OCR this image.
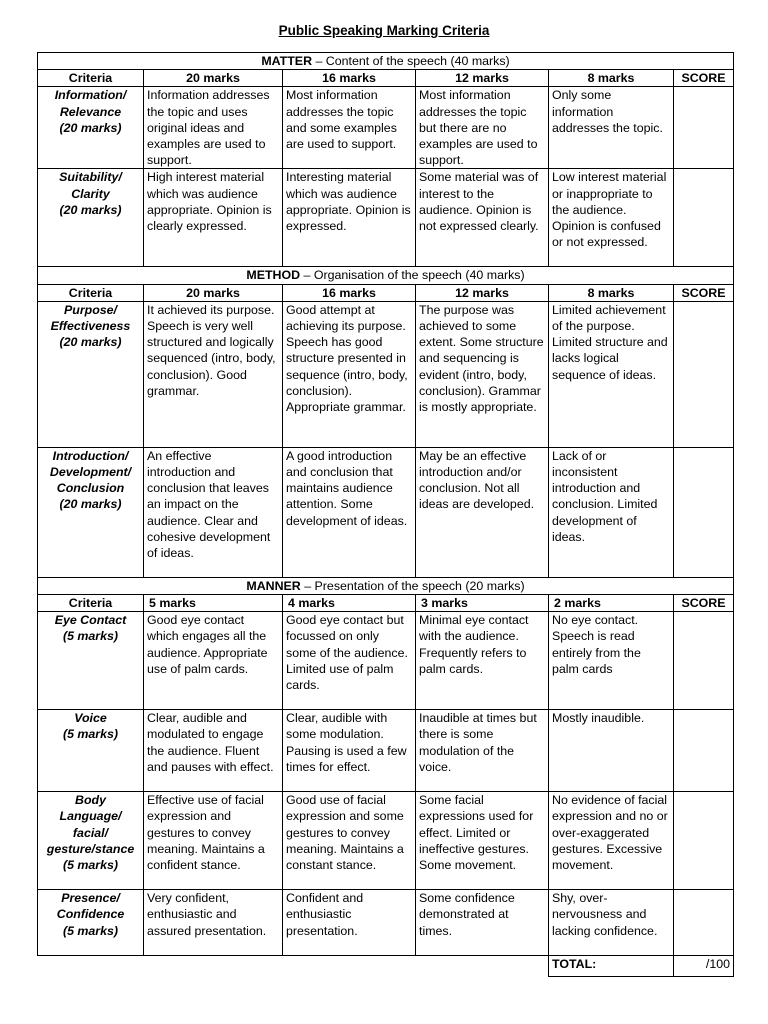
Public Speaking Marking Criteria
MATTER – Content of the speech (40 marks)					
Criteria	20 marks	16 marks	12 marks	8 marks	SCORE
Information/
Relevance
(20 marks)	Information addresses the topic and uses original ideas and examples are used to support.	Most information addresses the topic and some examples are used to support.	Most information addresses the topic but there are no examples are used to support.	Only some information addresses the topic.	
Suitability/
Clarity
(20 marks)	High interest material which was audience appropriate. Opinion is clearly expressed.	Interesting material which was audience appropriate. Opinion is expressed.	Some material was of interest to the audience. Opinion is not expressed clearly.	Low interest material or inappropriate to the audience. Opinion is confused or not expressed.	
METHOD – Organisation of the speech (40 marks)					
Criteria	20 marks	16 marks	12 marks	8 marks	SCORE
Purpose/
Effectiveness
(20 marks)	It achieved its purpose. Speech is very well structured and logically sequenced (intro, body, conclusion). Good grammar.	Good attempt at achieving its purpose. Speech has good structure presented in sequence (intro, body, conclusion). Appropriate grammar.	The purpose was achieved to some extent. Some structure and sequencing is evident (intro, body, conclusion). Grammar is mostly appropriate.	Limited achievement of the purpose. Limited structure and lacks logical sequence of ideas.	
Introduction/
Development/
Conclusion
(20 marks)	An effective introduction and conclusion that leaves an impact on the audience. Clear and cohesive development of ideas.	A good introduction and conclusion that maintains audience attention. Some development of ideas.	May be an effective introduction and/or conclusion. Not all ideas are developed.	Lack of or inconsistent introduction and conclusion. Limited development of ideas.	
MANNER – Presentation of the speech (20 marks)					
Criteria	5 marks	4 marks	3 marks	2 marks	SCORE
Eye Contact
(5 marks)	Good eye contact which engages all the audience. Appropriate use of palm cards.	Good eye contact but focussed on only some of the audience. Limited use of palm cards.	Minimal eye contact with the audience. Frequently refers to palm cards.	No eye contact. Speech is read entirely from the palm cards	
Voice
(5 marks)	Clear, audible and modulated to engage the audience. Fluent and pauses with effect.	Clear, audible with some modulation. Pausing is used a few times for effect.	Inaudible at times but there is some modulation of the voice.	Mostly inaudible.	
Body
Language/
facial/
gesture/stance
(5 marks)	Effective use of facial expression and gestures to convey meaning. Maintains a confident stance.	Good use of facial expression and some gestures to convey meaning. Maintains a constant stance.	Some facial expressions used for effect. Limited or ineffective gestures. Some movement.	No evidence of facial expression and no or over-exaggerated gestures. Excessive movement.	
Presence/
Confidence
(5 marks)	Very confident, enthusiastic and assured presentation.	Confident and enthusiastic presentation.	Some confidence demonstrated at times.	Shy, over-nervousness and lacking confidence.	
				TOTAL:	/100
